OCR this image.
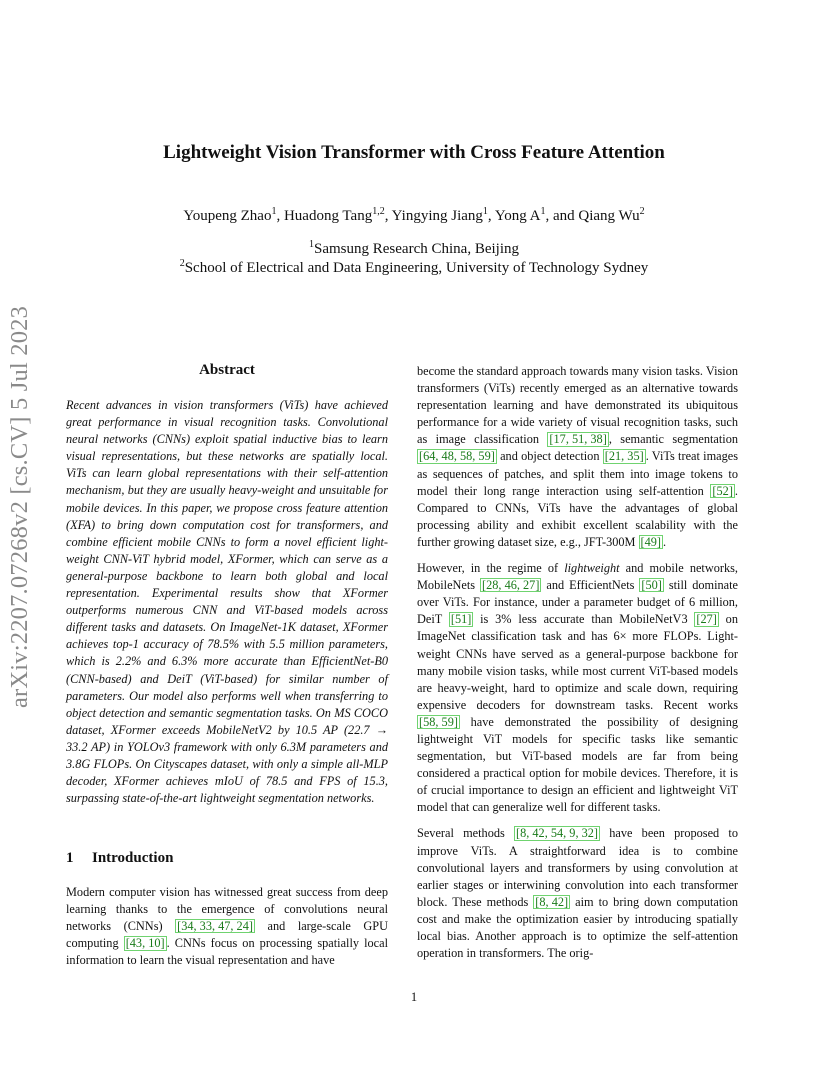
arXiv:2207.07268v2 [cs.CV] 5 Jul 2023
Lightweight Vision Transformer with Cross Feature Attention
Youpeng Zhao$^1$, Huadong Tang$^{1,2}$, Yingying Jiang$^1$, Yong $A^1$, and Qiang Wu$^2$
$^1$Samsung Research China, Beijing
$^2$School of Electrical and Data Engineering, University of Technology Sydney
Abstract
Recent advances in vision transformers (ViTs) have achieved great performance in visual recognition tasks. Convolutional neural networks (CNNs) exploit spatial inductive bias to learn visual representations, but these networks are spatially local. ViTs can learn global representations with their self-attention mechanism, but they are usually heavy-weight and unsuitable for mobile devices. In this paper, we propose cross feature attention (XFA) to bring down computation cost for transformers, and combine efficient mobile CNNs to form a novel efficient light-weight CNN-ViT hybrid model, XFormer, which can serve as a general-purpose backbone to learn both global and local representation. Experimental results show that XFormer outperforms numerous CNN and ViT-based models across different tasks and datasets. On ImageNet-1K dataset, XFormer achieves top-1 accuracy of 78.5% with 5.5 million parameters, which is 2.2% and 6.3% more accurate than EfficientNet-B0 (CNN-based) and DeiT (ViT-based) for similar number of parameters. Our model also performs well when transferring to object detection and semantic segmentation tasks. On MS COCO dataset, XFormer exceeds MobileNetV2 by 10.5 AP (22.7 → 33.2 AP) in YOLOv3 framework with only 6.3M parameters and 3.8G FLOPs. On Cityscapes dataset, with only a simple all-MLP decoder, XFormer achieves mIoU of 78.5 and FPS of 15.3, surpassing state-of-the-art lightweight segmentation networks.
1 Introduction
Modern computer vision has witnessed great success from deep learning thanks to the emergence of convolutions neural networks (CNNs) [34, 33, 47, 24] and large-scale GPU computing [43, 10] . CNNs focus on processing spatially local information to learn the visual representation and have

become the standard approach towards many vision tasks. Vision transformers (ViTs) recently emerged as an alternative towards representation learning and have demonstrated its ubiquitous performance for a wide variety of visual recognition tasks, such as image classification [17, 51, 38] , semantic segmentation [64, 48, 58, 59] and object detection [21, 35] . ViTs treat images as sequences of patches, and split them into image tokens to model their long range interaction using self-attention [52] . Compared to CNNs, ViTs have the advantages of global processing ability and exhibit excellent scalability with the further growing dataset size, e.g., JFT-300M [49] .

However, in the regime of lightweight and mobile networks, MobileNets [28, 46, 27] and EfficientNets [50] still dominate over ViTs. For instance, under a parameter budget of 6 million, DeiT [51] is 3% less accurate than MobileNetV3 [27] on ImageNet classification task and has 6× more FLOPs. Light-weight CNNs have served as a general-purpose backbone for many mobile vision tasks, while most current ViT-based models are heavy-weight, hard to optimize and scale down, requiring expensive decoders for downstream tasks. Recent works [58, 59] have demonstrated the possibility of designing lightweight ViT models for specific tasks like semantic segmentation, but ViT-based models are far from being considered a practical option for mobile devices. Therefore, it is of crucial importance to design an efficient and lightweight ViT model that can generalize well for different tasks.

Several methods [8, 42, 54, 9, 32] have been proposed to improve ViTs. A straightforward idea is to combine convolutional layers and transformers by using convolution at earlier stages or interwining convolution into each transformer block. These methods [8, 42] aim to bring down computation cost and make the optimization easier by introducing spatially local bias. Another approach is to optimize the self-attention operation in transformers. The orig-

1
